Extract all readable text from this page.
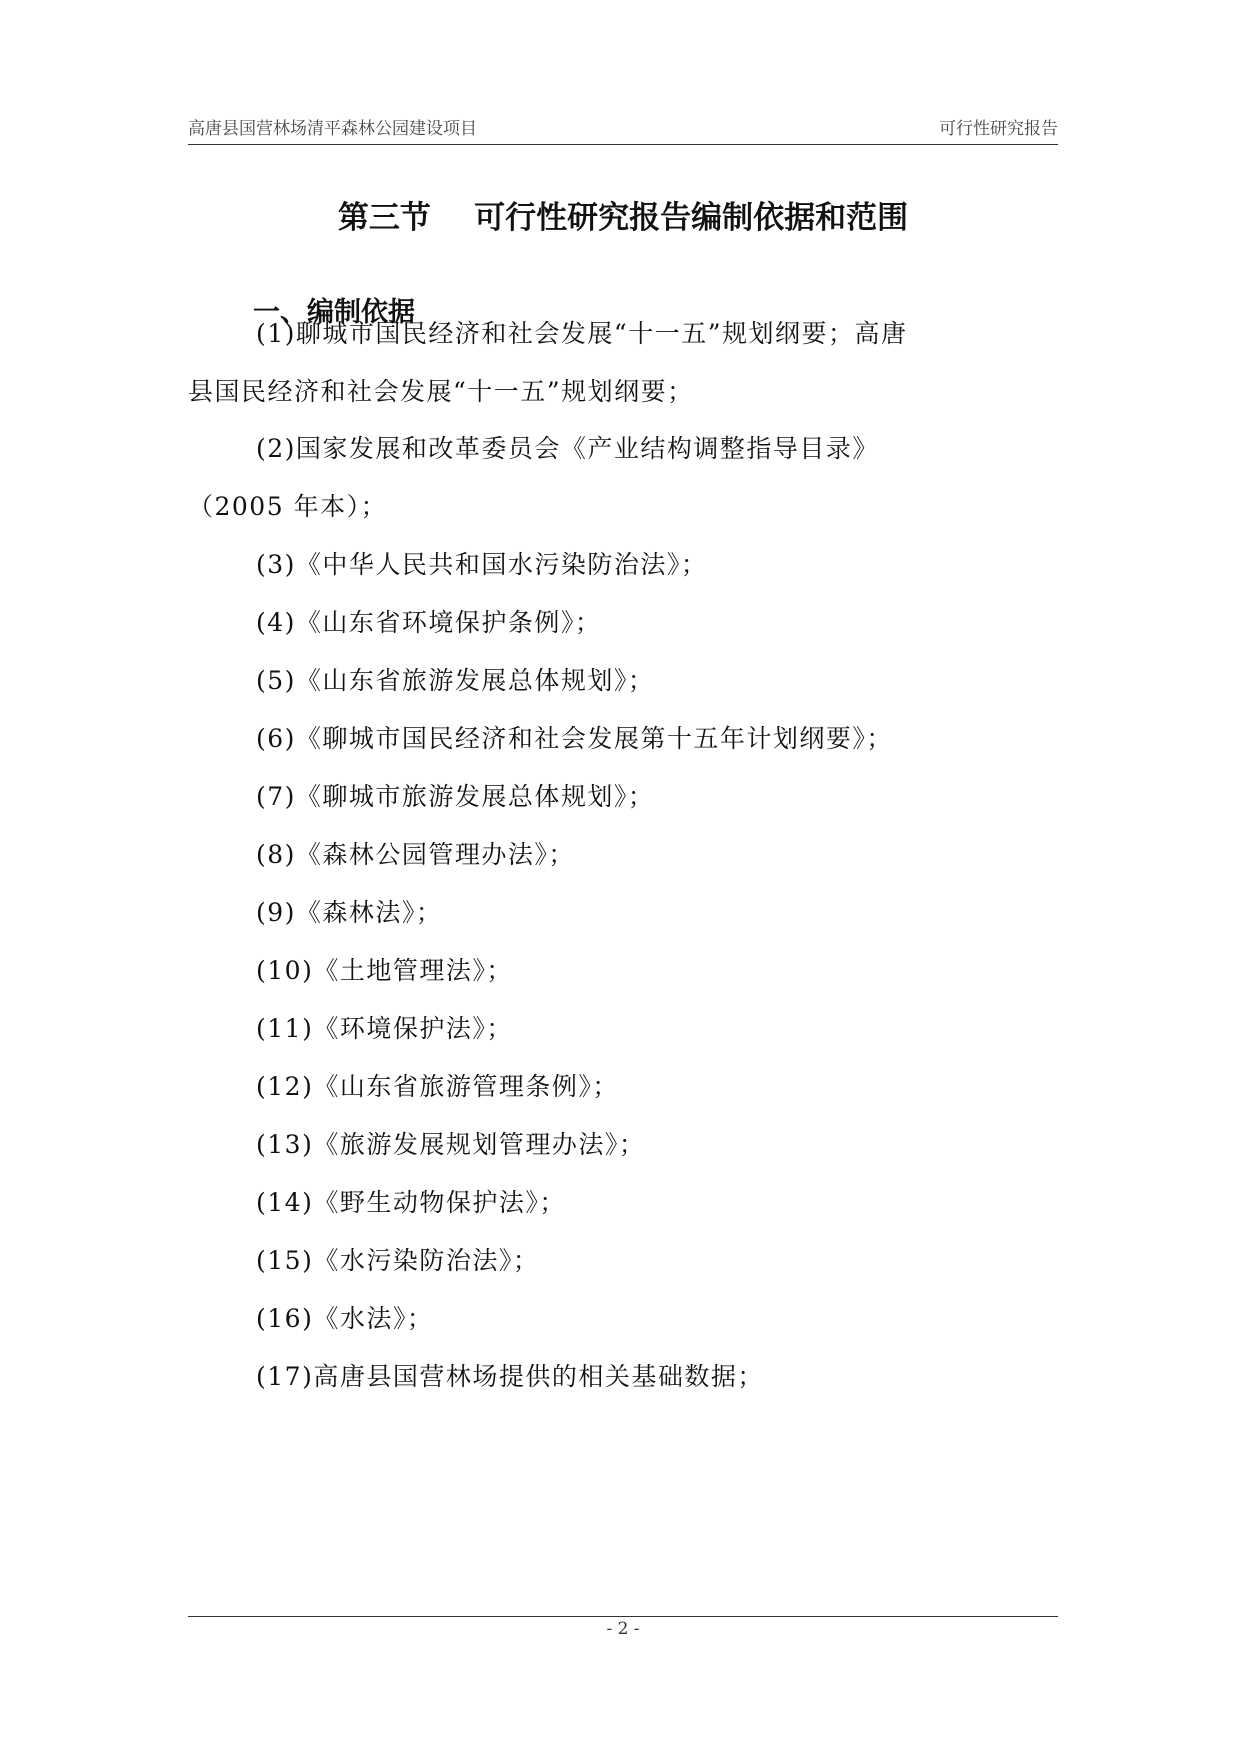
高唐县国营林场清平森林公园建设项目	可行性研究报告
第三节    可行性研究报告编制依据和范围
一、编制依据
(1)聊城市国民经济和社会发展“十一五”规划纲要；高唐
县国民经济和社会发展“十一五”规划纲要；
(2)国家发展和改革委员会《产业结构调整指导目录》
（2005 年本）；
(3)《中华人民共和国水污染防治法》；
(4)《山东省环境保护条例》；
(5)《山东省旅游发展总体规划》；
(6)《聊城市国民经济和社会发展第十五年计划纲要》；
(7)《聊城市旅游发展总体规划》；
(8)《森林公园管理办法》；
(9)《森林法》；
(10)《土地管理法》；
(11)《环境保护法》；
(12)《山东省旅游管理条例》；
(13)《旅游发展规划管理办法》；
(14)《野生动物保护法》；
(15)《水污染防治法》；
(16)《水法》；
(17)高唐县国营林场提供的相关基础数据；
- 2 -
